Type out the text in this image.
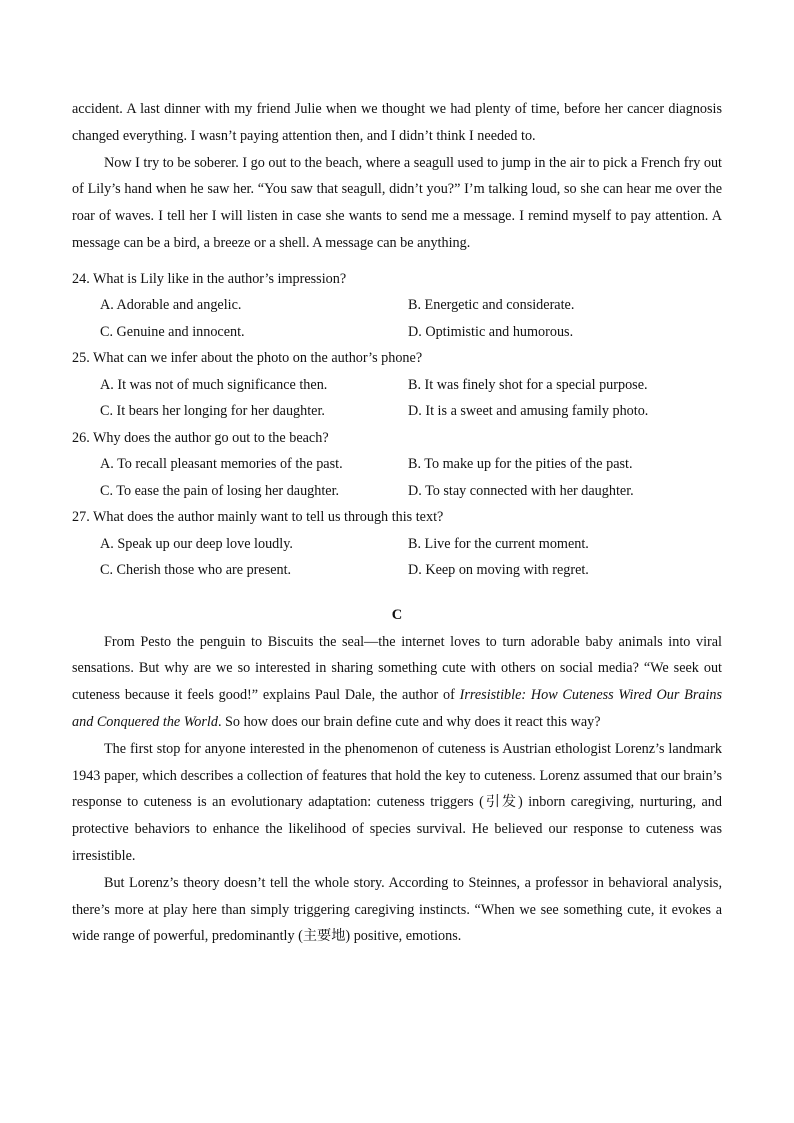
accident. A last dinner with my friend Julie when we thought we had plenty of time, before her cancer diagnosis changed everything. I wasn’t paying attention then, and I didn’t think I needed to.

Now I try to be soberer. I go out to the beach, where a seagull used to jump in the air to pick a French fry out of Lily’s hand when he saw her. “You saw that seagull, didn’t you?” I’m talking loud, so she can hear me over the roar of waves. I tell her I will listen in case she wants to send me a message. I remind myself to pay attention. A message can be a bird, a breeze or a shell. A message can be anything.

24. What is Lily like in the author’s impression?
A. Adorable and angelic.	B. Energetic and considerate.
C. Genuine and innocent.	D. Optimistic and humorous.
25. What can we infer about the photo on the author’s phone?
A. It was not of much significance then.	B. It was finely shot for a special purpose.
C. It bears her longing for her daughter.	D. It is a sweet and amusing family photo.
26. Why does the author go out to the beach?
A. To recall pleasant memories of the past.	B. To make up for the pities of the past.
C. To ease the pain of losing her daughter.	D. To stay connected with her daughter.
27. What does the author mainly want to tell us through this text?
A. Speak up our deep love loudly.	B. Live for the current moment.
C. Cherish those who are present.	D. Keep on moving with regret.
C

From Pesto the penguin to Biscuits the seal—the internet loves to turn adorable baby animals into viral sensations. But why are we so interested in sharing something cute with others on social media? “We seek out cuteness because it feels good!” explains Paul Dale, the author of Irresistible: How Cuteness Wired Our Brains and Conquered the World. So how does our brain define cute and why does it react this way?

The first stop for anyone interested in the phenomenon of cuteness is Austrian ethologist Lorenz’s landmark 1943 paper, which describes a collection of features that hold the key to cuteness. Lorenz assumed that our brain’s response to cuteness is an evolutionary adaptation: cuteness triggers (引发) inborn caregiving, nurturing, and protective behaviors to enhance the likelihood of species survival. He believed our response to cuteness was irresistible.

But Lorenz’s theory doesn’t tell the whole story. According to Steinnes, a professor in behavioral analysis, there’s more at play here than simply triggering caregiving instincts. “When we see something cute, it evokes a wide range of powerful, predominantly (主要地) positive, emotions.
